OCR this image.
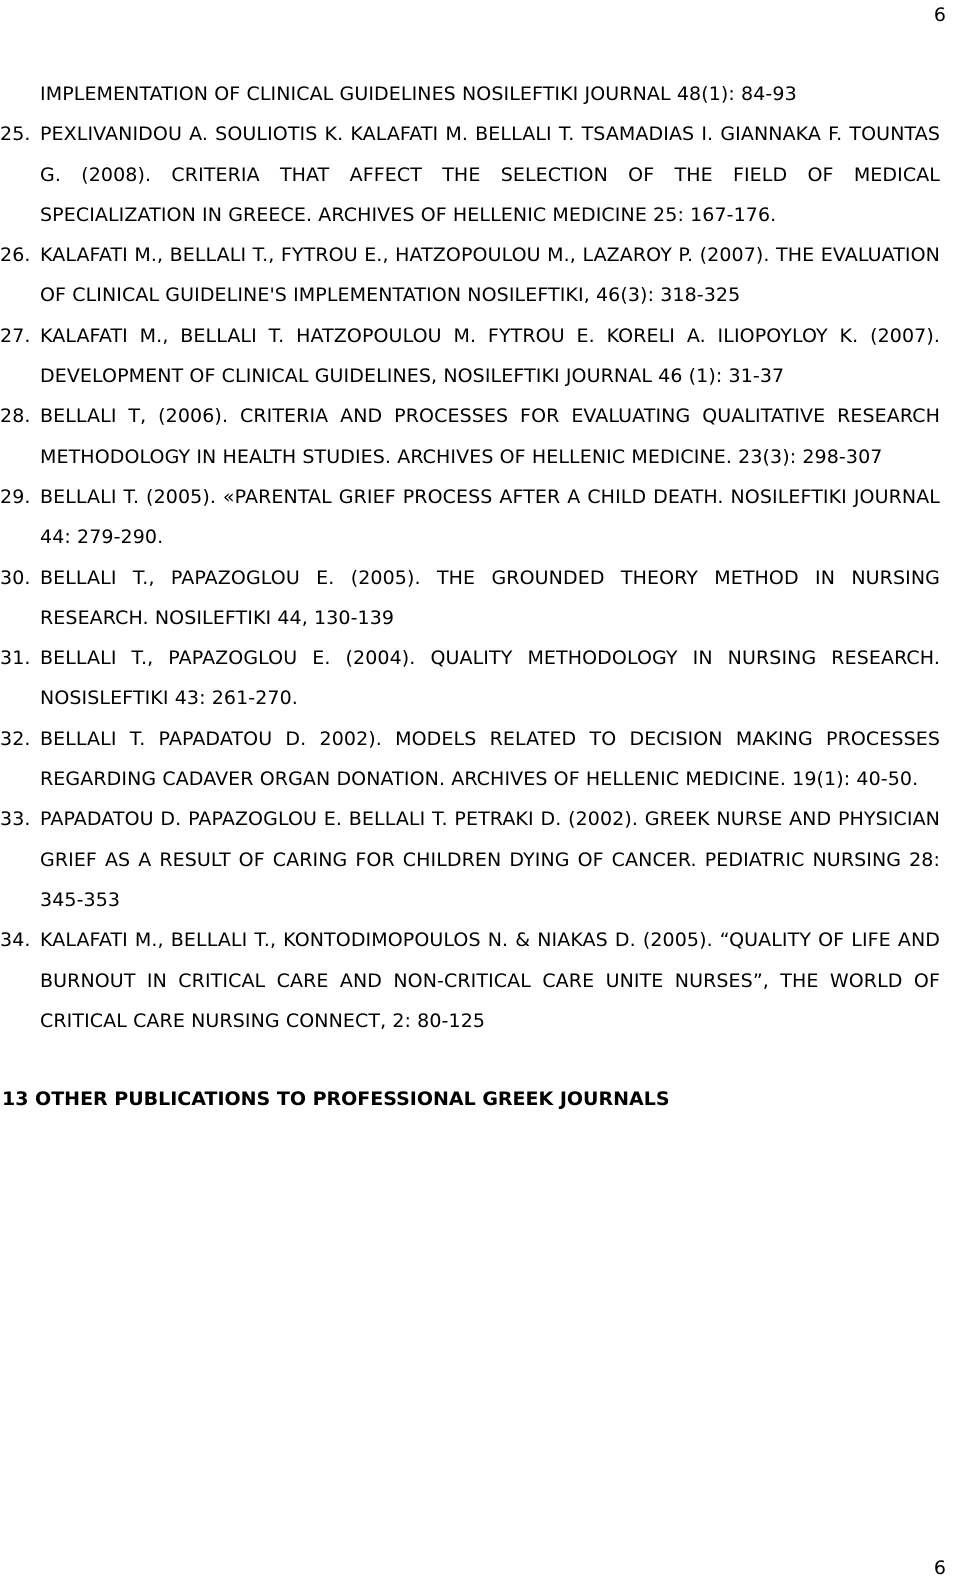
6
IMPLEMENTATION OF CLINICAL GUIDELINES NOSILEFTIKI JOURNAL 48(1): 84-93
25. PEXLIVANIDOU A. SOULIOTIS K. KALAFATI M. BELLALI T. TSAMADIAS I. GIANNAKA F. TOUNTAS G. (2008). CRITERIA THAT AFFECT THE SELECTION OF THE FIELD OF MEDICAL SPECIALIZATION IN GREECE. ARCHIVES OF HELLENIC MEDICINE 25: 167-176.
26. KALAFATI M., BELLALI T., FYTROU E., HATZOPOULOU M., LAZAROY P. (2007). THE EVALUATION OF CLINICAL GUIDELINE'S IMPLEMENTATION NOSILEFTIKI, 46(3): 318-325
27. KALAFATI M., BELLALI T. HATZOPOULOU M. FYTROU E. KORELI A. ILIOPOYLOY K. (2007). DEVELOPMENT OF CLINICAL GUIDELINES, NOSILEFTIKI JOURNAL 46 (1): 31-37
28. BELLALI T, (2006). CRITERIA AND PROCESSES FOR EVALUATING QUALITATIVE RESEARCH METHODOLOGY IN HEALTH STUDIES. ARCHIVES OF HELLENIC MEDICINE. 23(3): 298-307
29. BELLALI T. (2005). «PARENTAL GRIEF PROCESS AFTER A CHILD DEATH. NOSILEFTIKI JOURNAL 44: 279-290.
30. BELLALI T., PAPAZOGLOU E. (2005). THE GROUNDED THEORY METHOD IN NURSING RESEARCH. NOSILEFTIKI 44, 130-139
31. BELLALI T., PAPAZOGLOU E. (2004). QUALITY METHODOLOGY IN NURSING RESEARCH. NOSISLEFTIKI 43: 261-270.
32. BELLALI T. PAPADATOU D. 2002). MODELS RELATED TO DECISION MAKING PROCESSES REGARDING CADAVER ORGAN DONATION. ARCHIVES OF HELLENIC MEDICINE. 19(1): 40-50.
33. PAPADATOU D. PAPAZOGLOU E. BELLALI T. PETRAKI D. (2002). GREEK NURSE AND PHYSICIAN GRIEF AS A RESULT OF CARING FOR CHILDREN DYING OF CANCER. PEDIATRIC NURSING 28: 345-353
34. KALAFATI M., BELLALI T., KONTODIMOPOULOS N. & NIAKAS D. (2005). “QUALITY OF LIFE AND BURNOUT IN CRITICAL CARE AND NON-CRITICAL CARE UNITE NURSES”, THE WORLD OF CRITICAL CARE NURSING CONNECT, 2: 80-125
13 OTHER PUBLICATIONS TO PROFESSIONAL GREEK JOURNALS
6
